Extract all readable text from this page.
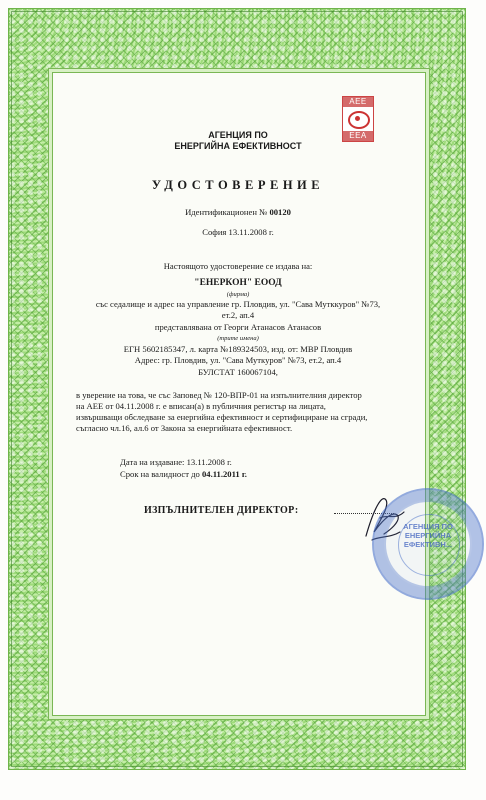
AEE
EEA
АГЕНЦИЯ ПО
ЕНЕРГИЙНА ЕФЕКТИВНОСТ
УДОСТОВЕРЕНИЕ
Идентификационен № 00120
София 13.11.2008 г.
Настоящото удостоверение се издава на:
"ЕНЕРКОН" ЕООД
(фирма)
със седалище и адрес на управление гр. Пловдив, ул. "Сава Мутккуров" №73,
ет.2, ап.4
представлявана от Георги Атанасов Атанасов
(трите имена)
ЕГН 5602185347, л. карта №189324503, изд. от: МВР Пловдив
Адрес: гр. Пловдив, ул. "Сава Муткуров" №73, ет.2, ап.4
БУЛСТАТ 160067104,
в уверение на това, че със Заповед № 120-ВПР-01 на изпълнителния директор
на АЕЕ от 04.11.2008 г. е вписан(а) в публичния регистър на лицата,
извършващи обследване за енергийна ефективност и сертифициране на сгради,
съгласно чл.16, ал.6 от Закона за енергийната ефективност.
Дата на издаване: 13.11.2008 г.
Срок на валидност до 04.11.2011 г.
ИЗПЪЛНИТЕЛЕН ДИРЕКТОР:
АГЕНЦИЯ ПО
ЕНЕРГИЙНА
ЕФЕКТИВН...
